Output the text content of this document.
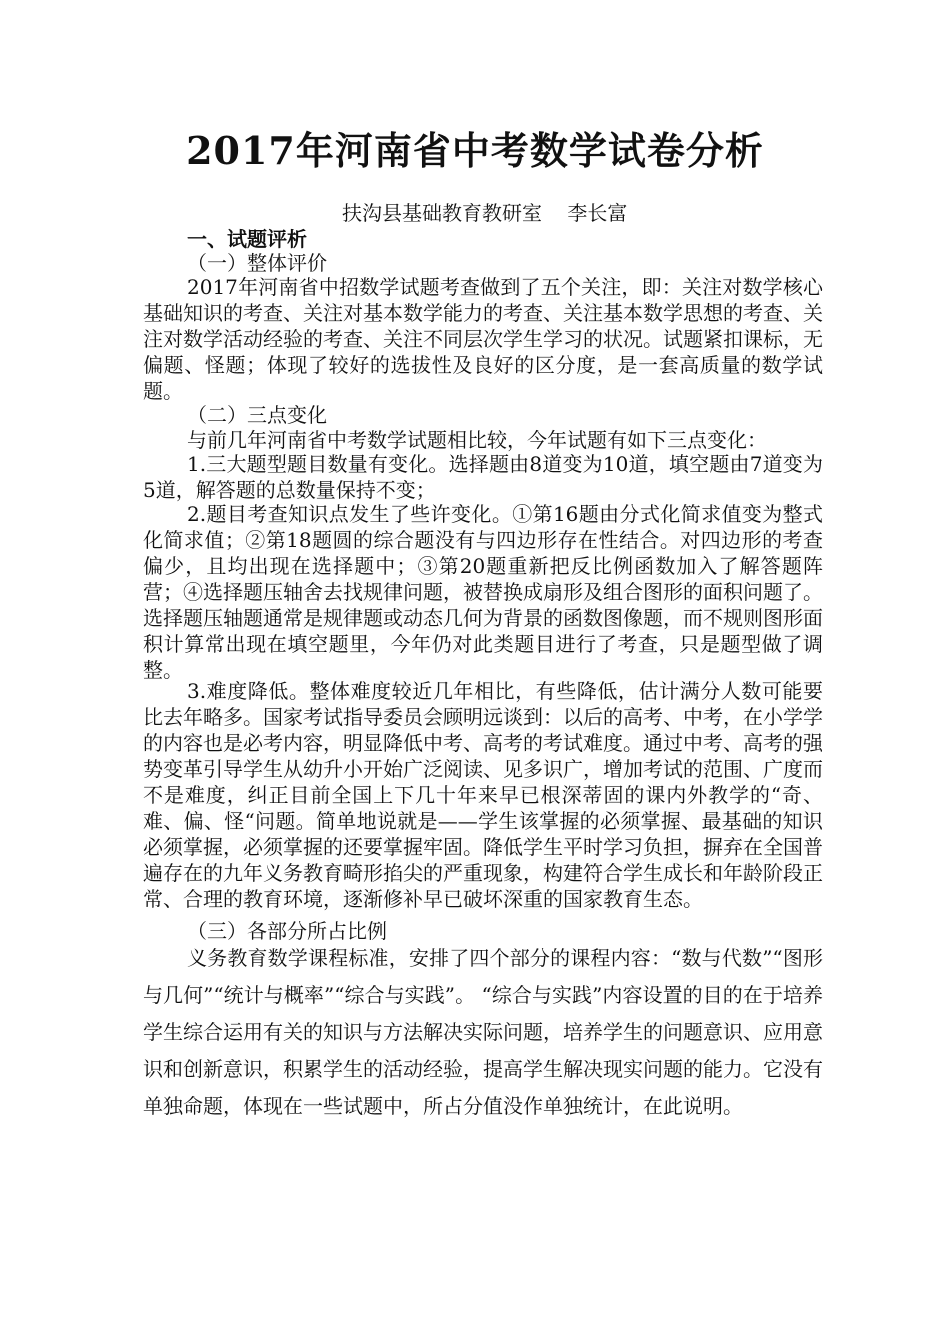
2017年河南省中考数学试卷分析
扶沟县基础教育教研室    李长富
一、试题评析
（一）整体评价
2017年河南省中招数学试题考查做到了五个关注，即：关注对数学核心基础知识的考查、关注对基本数学能力的考查、关注基本数学思想的考查、关注对数学活动经验的考查、关注不同层次学生学习的状况。试题紧扣课标，无偏题、怪题；体现了较好的选拔性及良好的区分度，是一套高质量的数学试题。
（二）三点变化
与前几年河南省中考数学试题相比较，今年试题有如下三点变化：
1.三大题型题目数量有变化。选择题由8道变为10道，填空题由7道变为5道，解答题的总数量保持不变；
2.题目考查知识点发生了些许变化。①第16题由分式化简求值变为整式化简求值；②第18题圆的综合题没有与四边形存在性结合。对四边形的考查偏少，且均出现在选择题中；③第20题重新把反比例函数加入了解答题阵营；④选择题压轴舍去找规律问题，被替换成扇形及组合图形的面积问题了。选择题压轴题通常是规律题或动态几何为背景的函数图像题，而不规则图形面积计算常出现在填空题里，今年仍对此类题目进行了考查，只是题型做了调整。
3.难度降低。整体难度较近几年相比，有些降低，估计满分人数可能要比去年略多。国家考试指导委员会顾明远谈到：以后的高考、中考，在小学学的内容也是必考内容，明显降低中考、高考的考试难度。通过中考、高考的强势变革引导学生从幼升小开始广泛阅读、见多识广，增加考试的范围、广度而不是难度，纠正目前全国上下几十年来早已根深蒂固的课内外教学的“奇、难、偏、怪“问题。简单地说就是——学生该掌握的必须掌握、最基础的知识必须掌握，必须掌握的还要掌握牢固。降低学生平时学习负担，摒弃在全国普遍存在的九年义务教育畸形掐尖的严重现象，构建符合学生成长和年龄阶段正常、合理的教育环境，逐渐修补早已破坏深重的国家教育生态。
（三）各部分所占比例
义务教育数学课程标准，安排了四个部分的课程内容：“数与代数”“图形与几何”“统计与概率”“综合与实践”。 “综合与实践”内容设置的目的在于培养学生综合运用有关的知识与方法解决实际问题，培养学生的问题意识、应用意识和创新意识，积累学生的活动经验，提高学生解决现实问题的能力。它没有单独命题，体现在一些试题中，所占分值没作单独统计，在此说明。
